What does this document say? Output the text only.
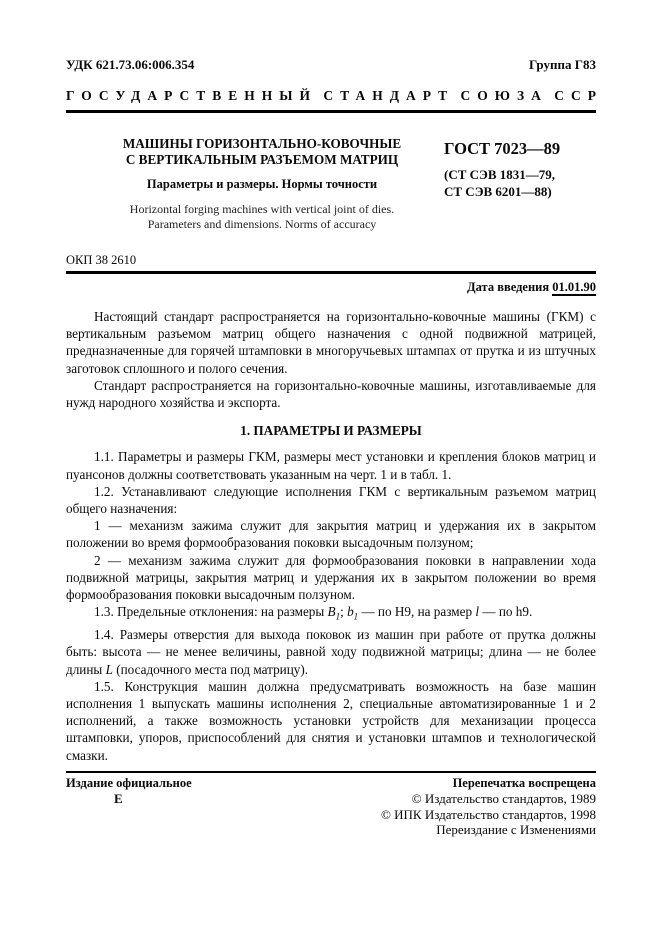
УДК 621.73.06:006.354	Группа Г83
ГОСУДАРСТВЕННЫЙ СТАНДАРТ СОЮЗА ССР
МАШИНЫ ГОРИЗОНТАЛЬНО-КОВОЧНЫЕ
С ВЕРТИКАЛЬНЫМ РАЗЪЕМОМ МАТРИЦ
Параметры и размеры. Нормы точности
Horizontal forging machines with vertical joint of dies.
Parameters and dimensions. Norms of accuracy
ГОСТ 7023—89
(СТ СЭВ 1831—79,
СТ СЭВ 6201—88)
ОКП 38 2610
Дата введения 01.01.90

Настоящий стандарт распространяется на горизонтально-ковочные машины (ГКМ) с вертикальным разъемом матриц общего назначения с одной подвижной матрицей, предназначенные для горячей штамповки в многоручьевых штампах от прутка и из штучных заготовок сплошного и полого сечения.

Стандарт распространяется на горизонтально-ковочные машины, изготавливаемые для нужд народного хозяйства и экспорта.

1. ПАРАМЕТРЫ И РАЗМЕРЫ

1.1. Параметры и размеры ГКМ, размеры мест установки и крепления блоков матриц и пуансонов должны соответствовать указанным на черт. 1 и в табл. 1.

1.2. Устанавливают следующие исполнения ГКМ с вертикальным разъемом матриц общего назначения:

1 — механизм зажима служит для закрытия матриц и удержания их в закрытом положении во время формообразования поковки высадочным ползуном;

2 — механизм зажима служит для формообразования поковки в направлении хода подвижной матрицы, закрытия матриц и удержания их в закрытом положении во время формообразования поковки высадочным ползуном.

1.3. Предельные отклонения: на размеры $B_1$; $b_1$ — по Н9, на размер l — по h9.

1.4. Размеры отверстия для выхода поковок из машин при работе от прутка должны быть: высота — не менее величины, равной ходу подвижной матрицы; длина — не более длины L (посадочного места под матрицу).

1.5. Конструкция машин должна предусматривать возможность на базе машин исполнения 1 выпускать машины исполнения 2, специальные автоматизированные 1 и 2 исполнений, а также возможность установки устройств для механизации процесса штамповки, упоров, приспособлений для снятия и установки штампов и технологической смазки.

Издание официальное	Перепечатка воспрещена
Е	© Издательство стандартов, 1989
© ИПК Издательство стандартов, 1998
Переиздание с Изменениями
